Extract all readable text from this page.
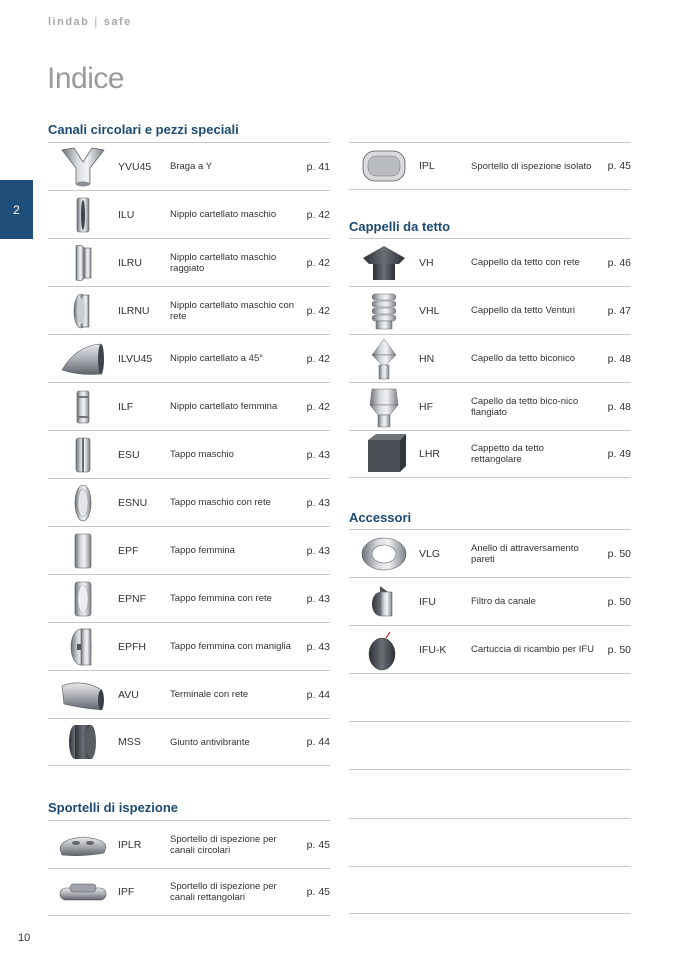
lindab | safe
Indice
2
Canali circolari e pezzi speciali
YVU45	Braga a Y	p. 41
ILU	Nipplo cartellato maschio	p. 42
ILRU	Nipplo cartellato maschio raggiato	p. 42
ILRNU	Nipplo cartellato maschio con rete	p. 42
ILVU45	Nipplo cartellato a 45°	p. 42
ILF	Nipplo cartellato femmina	p. 42
ESU	Tappo maschio	p. 43
ESNU	Tappo maschio con rete	p. 43
EPF	Tappo femmina	p. 43
EPNF	Tappo femmina con rete	p. 43
EPFH	Tappo femmina con maniglia	p. 43
AVU	Terminale con rete	p. 44
MSS	Giunto antivibrante	p. 44
Sportelli di ispezione
IPLR	Sportello di ispezione per canali circolari	p. 45
IPF	Sportello di ispezione per canali rettangolari	p. 45
IPL	Sportello di ispezione isolato	p. 45
Cappelli da tetto
VH	Cappello da tetto con rete	p. 46
VHL	Cappello da tetto Venturi	p. 47
HN	Capello da tetto biconico	p. 48
HF	Capello da tetto bico-nico flangiato	p. 48
LHR	Cappetto da tetto rettangolare	p. 49
Accessori
VLG	Anello di attraversamento pareti	p. 50
IFU	Filtro da canale	p. 50
IFU-K	Cartuccia di ricambio per IFU	p. 50
10
